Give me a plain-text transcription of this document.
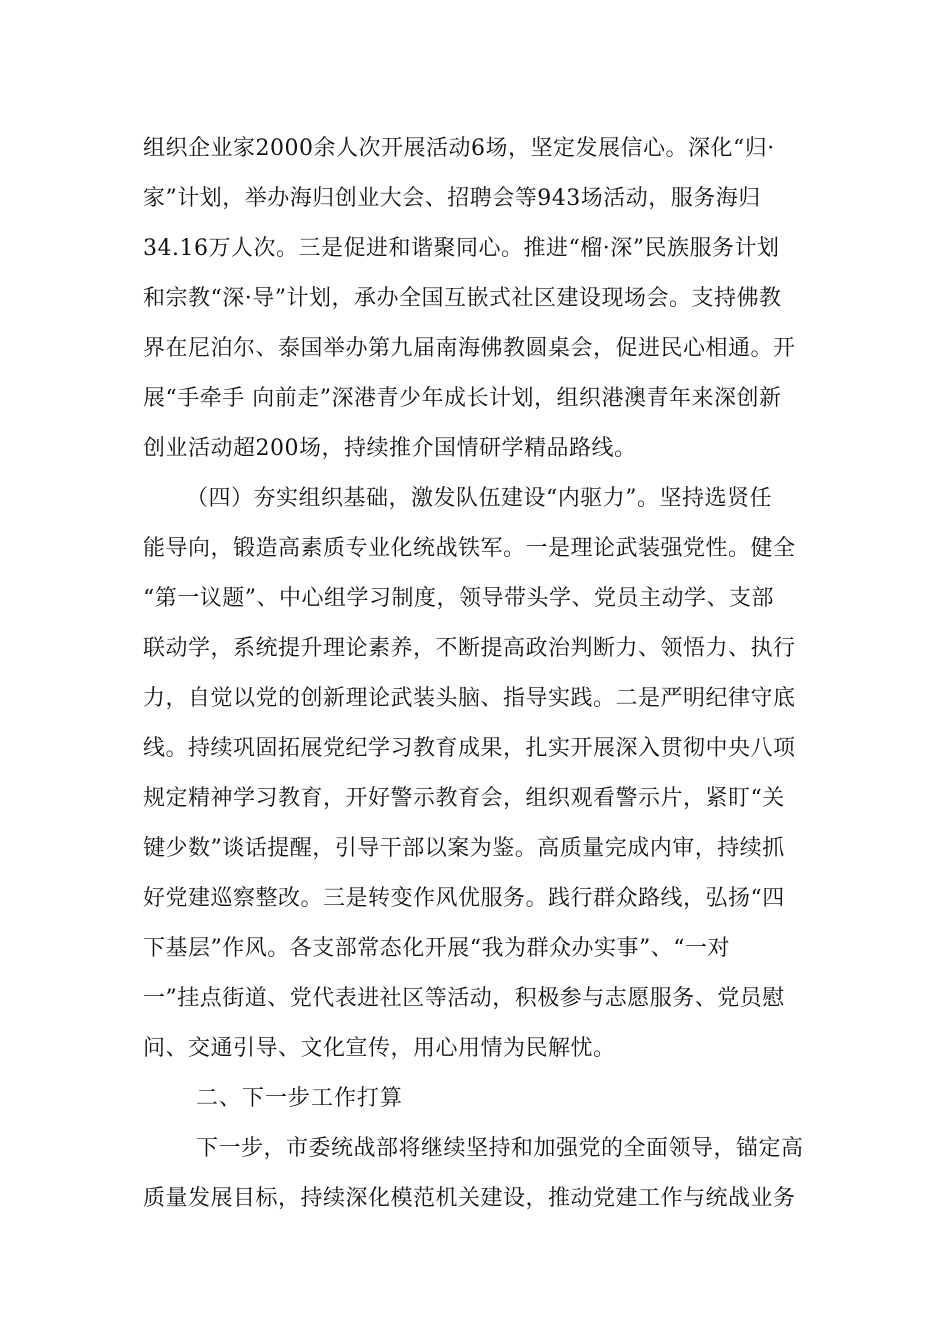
组织企业家2000余人次开展活动6场，坚定发展信心。深化“归·
家”计划，举办海归创业大会、招聘会等943场活动，服务海归
34.16万人次。三是促进和谐聚同心。推进“榴·深”民族服务计划
和宗教“深·导”计划，承办全国互嵌式社区建设现场会。支持佛教
界在尼泊尔、泰国举办第九届南海佛教圆桌会，促进民心相通。开
展“手牵手 向前走”深港青少年成长计划，组织港澳青年来深创新
创业活动超200场，持续推介国情研学精品路线。
（四）夯实组织基础，激发队伍建设“内驱力”。坚持选贤任
能导向，锻造高素质专业化统战铁军。一是理论武装强党性。健全
“第一议题”、中心组学习制度，领导带头学、党员主动学、支部
联动学，系统提升理论素养，不断提高政治判断力、领悟力、执行
力，自觉以党的创新理论武装头脑、指导实践。二是严明纪律守底
线。持续巩固拓展党纪学习教育成果，扎实开展深入贯彻中央八项
规定精神学习教育，开好警示教育会，组织观看警示片，紧盯“关
键少数”谈话提醒，引导干部以案为鉴。高质量完成内审，持续抓
好党建巡察整改。三是转变作风优服务。践行群众路线，弘扬“四
下基层”作风。各支部常态化开展“我为群众办实事”、“一对
一”挂点街道、党代表进社区等活动，积极参与志愿服务、党员慰
问、交通引导、文化宣传，用心用情为民解忧。
二、下一步工作打算
下一步，市委统战部将继续坚持和加强党的全面领导，锚定高
质量发展目标，持续深化模范机关建设，推动党建工作与统战业务
